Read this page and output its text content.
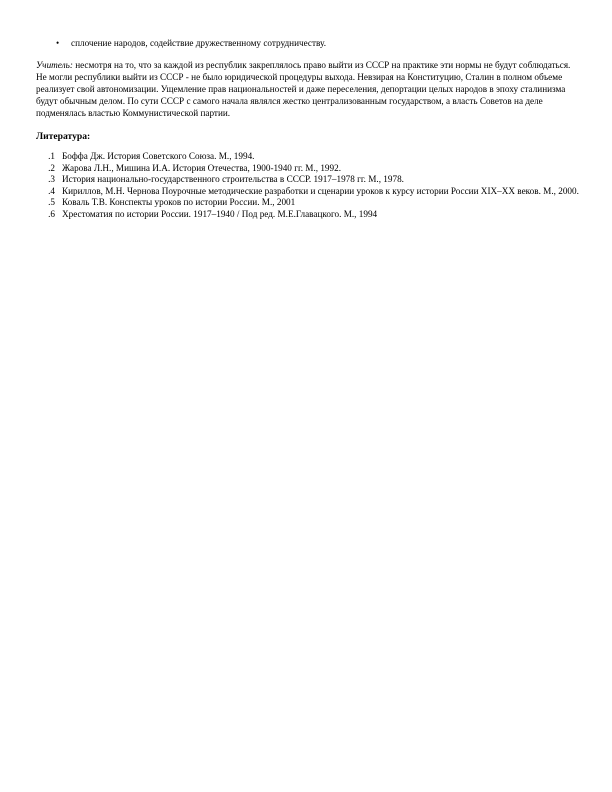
• сплочение народов, содействие дружественному сотрудничеству.

Учитель: несмотря на то, что за каждой из республик закреплялось право выйти из СССР на практике эти нормы не будут соблюдаться. Не могли республики выйти из СССР - не было юридической процедуры выхода. Невзирая на Конституцию, Сталин в полном объеме реализует свой автономизации. Ущемление прав национальностей и даже переселения, депортации целых народов в эпоху сталинизма будут обычным делом. По сути СССР с самого начала являлся жестко централизованным государством, а власть Советов на деле подменялась властью Коммунистической партии.

Литература:
1. Боффа Дж. История Советского Союза. М., 1994.
2. Жарова Л.Н., Мишина И.А. История Отечества, 1900-1940 гг. М., 1992.
3. История национально-государственного строительства в СССР. 1917–1978 гг. М., 1978.
4. Кириллов, М.Н. Чернова Поурочные методические разработки и сценарии уроков к курсу истории России XIX–XX веков. М., 2000.
5. Коваль Т.В. Конспекты уроков по истории России. М., 2001
6. Хрестоматия по истории России. 1917–1940 / Под ред. М.Е.Главацкого. М., 1994
